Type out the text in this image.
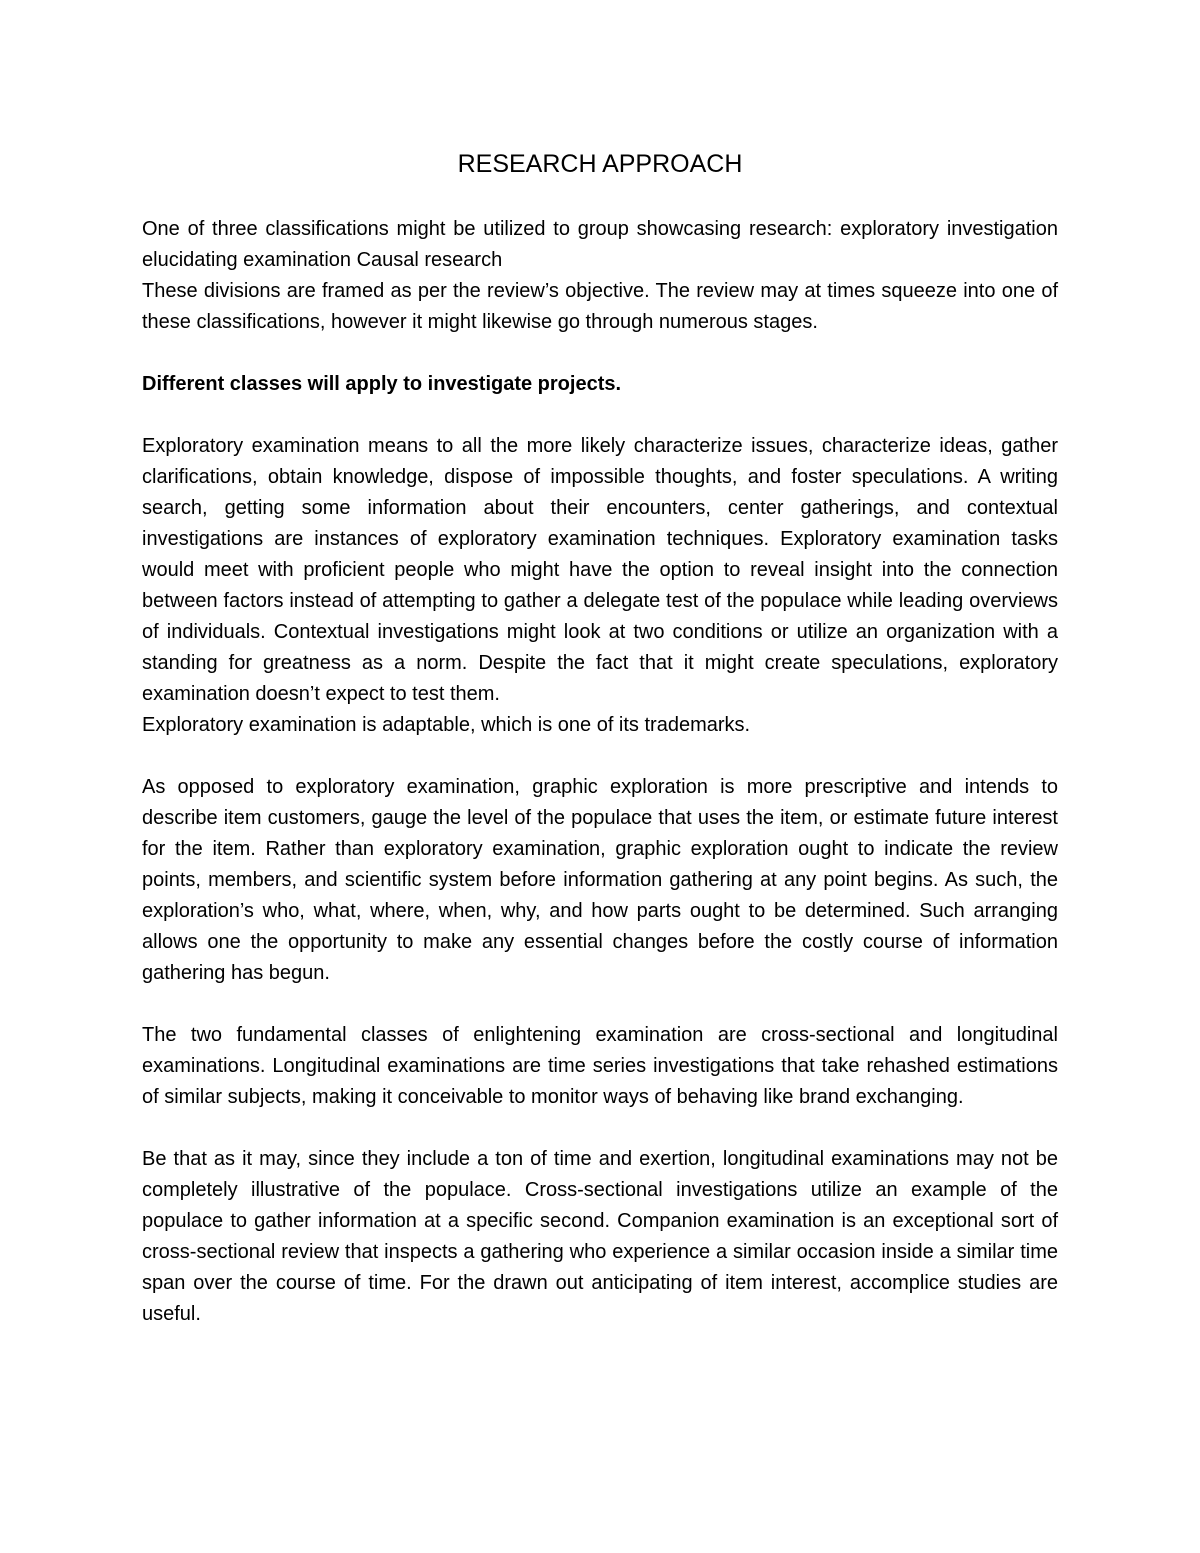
RESEARCH APPROACH

One of three classifications might be utilized to group showcasing research: exploratory investigation elucidating examination Causal research

These divisions are framed as per the review’s objective. The review may at times squeeze into one of these classifications, however it might likewise go through numerous stages.

Different classes will apply to investigate projects.

Exploratory examination means to all the more likely characterize issues, characterize ideas, gather clarifications, obtain knowledge, dispose of impossible thoughts, and foster speculations. A writing search, getting some information about their encounters, center gatherings, and contextual investigations are instances of exploratory examination techniques. Exploratory examination tasks would meet with proficient people who might have the option to reveal insight into the connection between factors instead of attempting to gather a delegate test of the populace while leading overviews of individuals. Contextual investigations might look at two conditions or utilize an organization with a standing for greatness as a norm. Despite the fact that it might create speculations, exploratory examination doesn’t expect to test them.

Exploratory examination is adaptable, which is one of its trademarks.

As opposed to exploratory examination, graphic exploration is more prescriptive and intends to describe item customers, gauge the level of the populace that uses the item, or estimate future interest for the item. Rather than exploratory examination, graphic exploration ought to indicate the review points, members, and scientific system before information gathering at any point begins. As such, the exploration’s who, what, where, when, why, and how parts ought to be determined. Such arranging allows one the opportunity to make any essential changes before the costly course of information gathering has begun.

The two fundamental classes of enlightening examination are cross-sectional and longitudinal examinations. Longitudinal examinations are time series investigations that take rehashed estimations of similar subjects, making it conceivable to monitor ways of behaving like brand exchanging.

Be that as it may, since they include a ton of time and exertion, longitudinal examinations may not be completely illustrative of the populace. Cross-sectional investigations utilize an example of the populace to gather information at a specific second. Companion examination is an exceptional sort of cross-sectional review that inspects a gathering who experience a similar occasion inside a similar time span over the course of time. For the drawn out anticipating of item interest, accomplice studies are useful.
